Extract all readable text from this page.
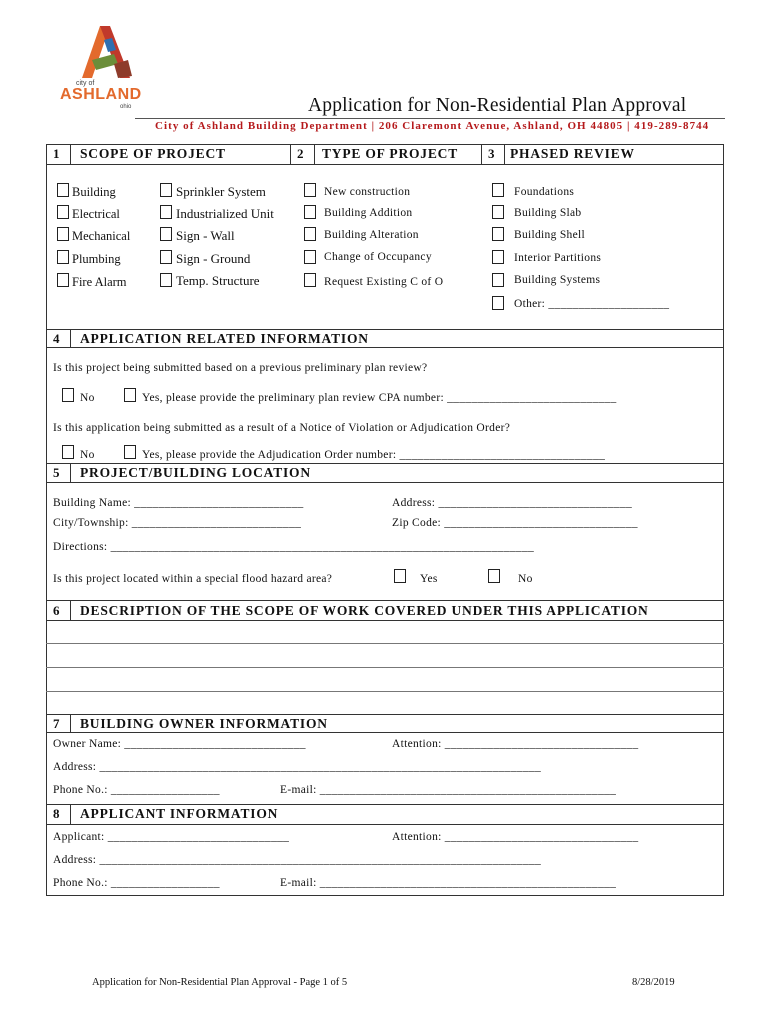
city of
ASHLAND
ohio	Application for Non-Residential Plan Approval
City of Ashland Building Department | 206 Claremont Avenue, Ashland, OH 44805 | 419-289-8744
1 SCOPE OF PROJECT	2 TYPE OF PROJECT 3 PHASED REVIEW
Building
Electrical
Mechanical
Plumbing
Fire Alarm
Sprinkler System
Industrialized Unit
Sign - Wall
Sign - Ground
Temp. Structure
New construction
Building Addition
Building Alteration
Change of Occupancy
Request Existing C of O
Foundations
Building Slab
Building Shell
Interior Partitions
Building Systems
Other: ____________________
4 APPLICATION RELATED INFORMATION
Is this project being submitted based on a previous preliminary plan review?
No	Yes, please provide the preliminary plan review CPA number: ____________________________
Is this application being submitted as a result of a Notice of Violation or Adjudication Order?
No	Yes, please provide the Adjudication Order number: __________________________________
5 PROJECT/BUILDING LOCATION
Building Name: ____________________________	Address: ________________________________
City/Township: ____________________________	Zip Code: ________________________________
Directions: ______________________________________________________________________
Is this project located within a special flood hazard area?	Yes	No
6 DESCRIPTION OF THE SCOPE OF WORK COVERED UNDER THIS APPLICATION
7 BUILDING OWNER INFORMATION
Owner Name: ______________________________	Attention: ________________________________
Address: _________________________________________________________________________
Phone No.: __________________	E-mail: _________________________________________________
8 APPLICANT INFORMATION
Applicant: ______________________________	Attention: ________________________________
Address: _________________________________________________________________________
Phone No.: __________________	E-mail: _________________________________________________
Application for Non-Residential Plan Approval - Page 1 of 5	8/28/2019
